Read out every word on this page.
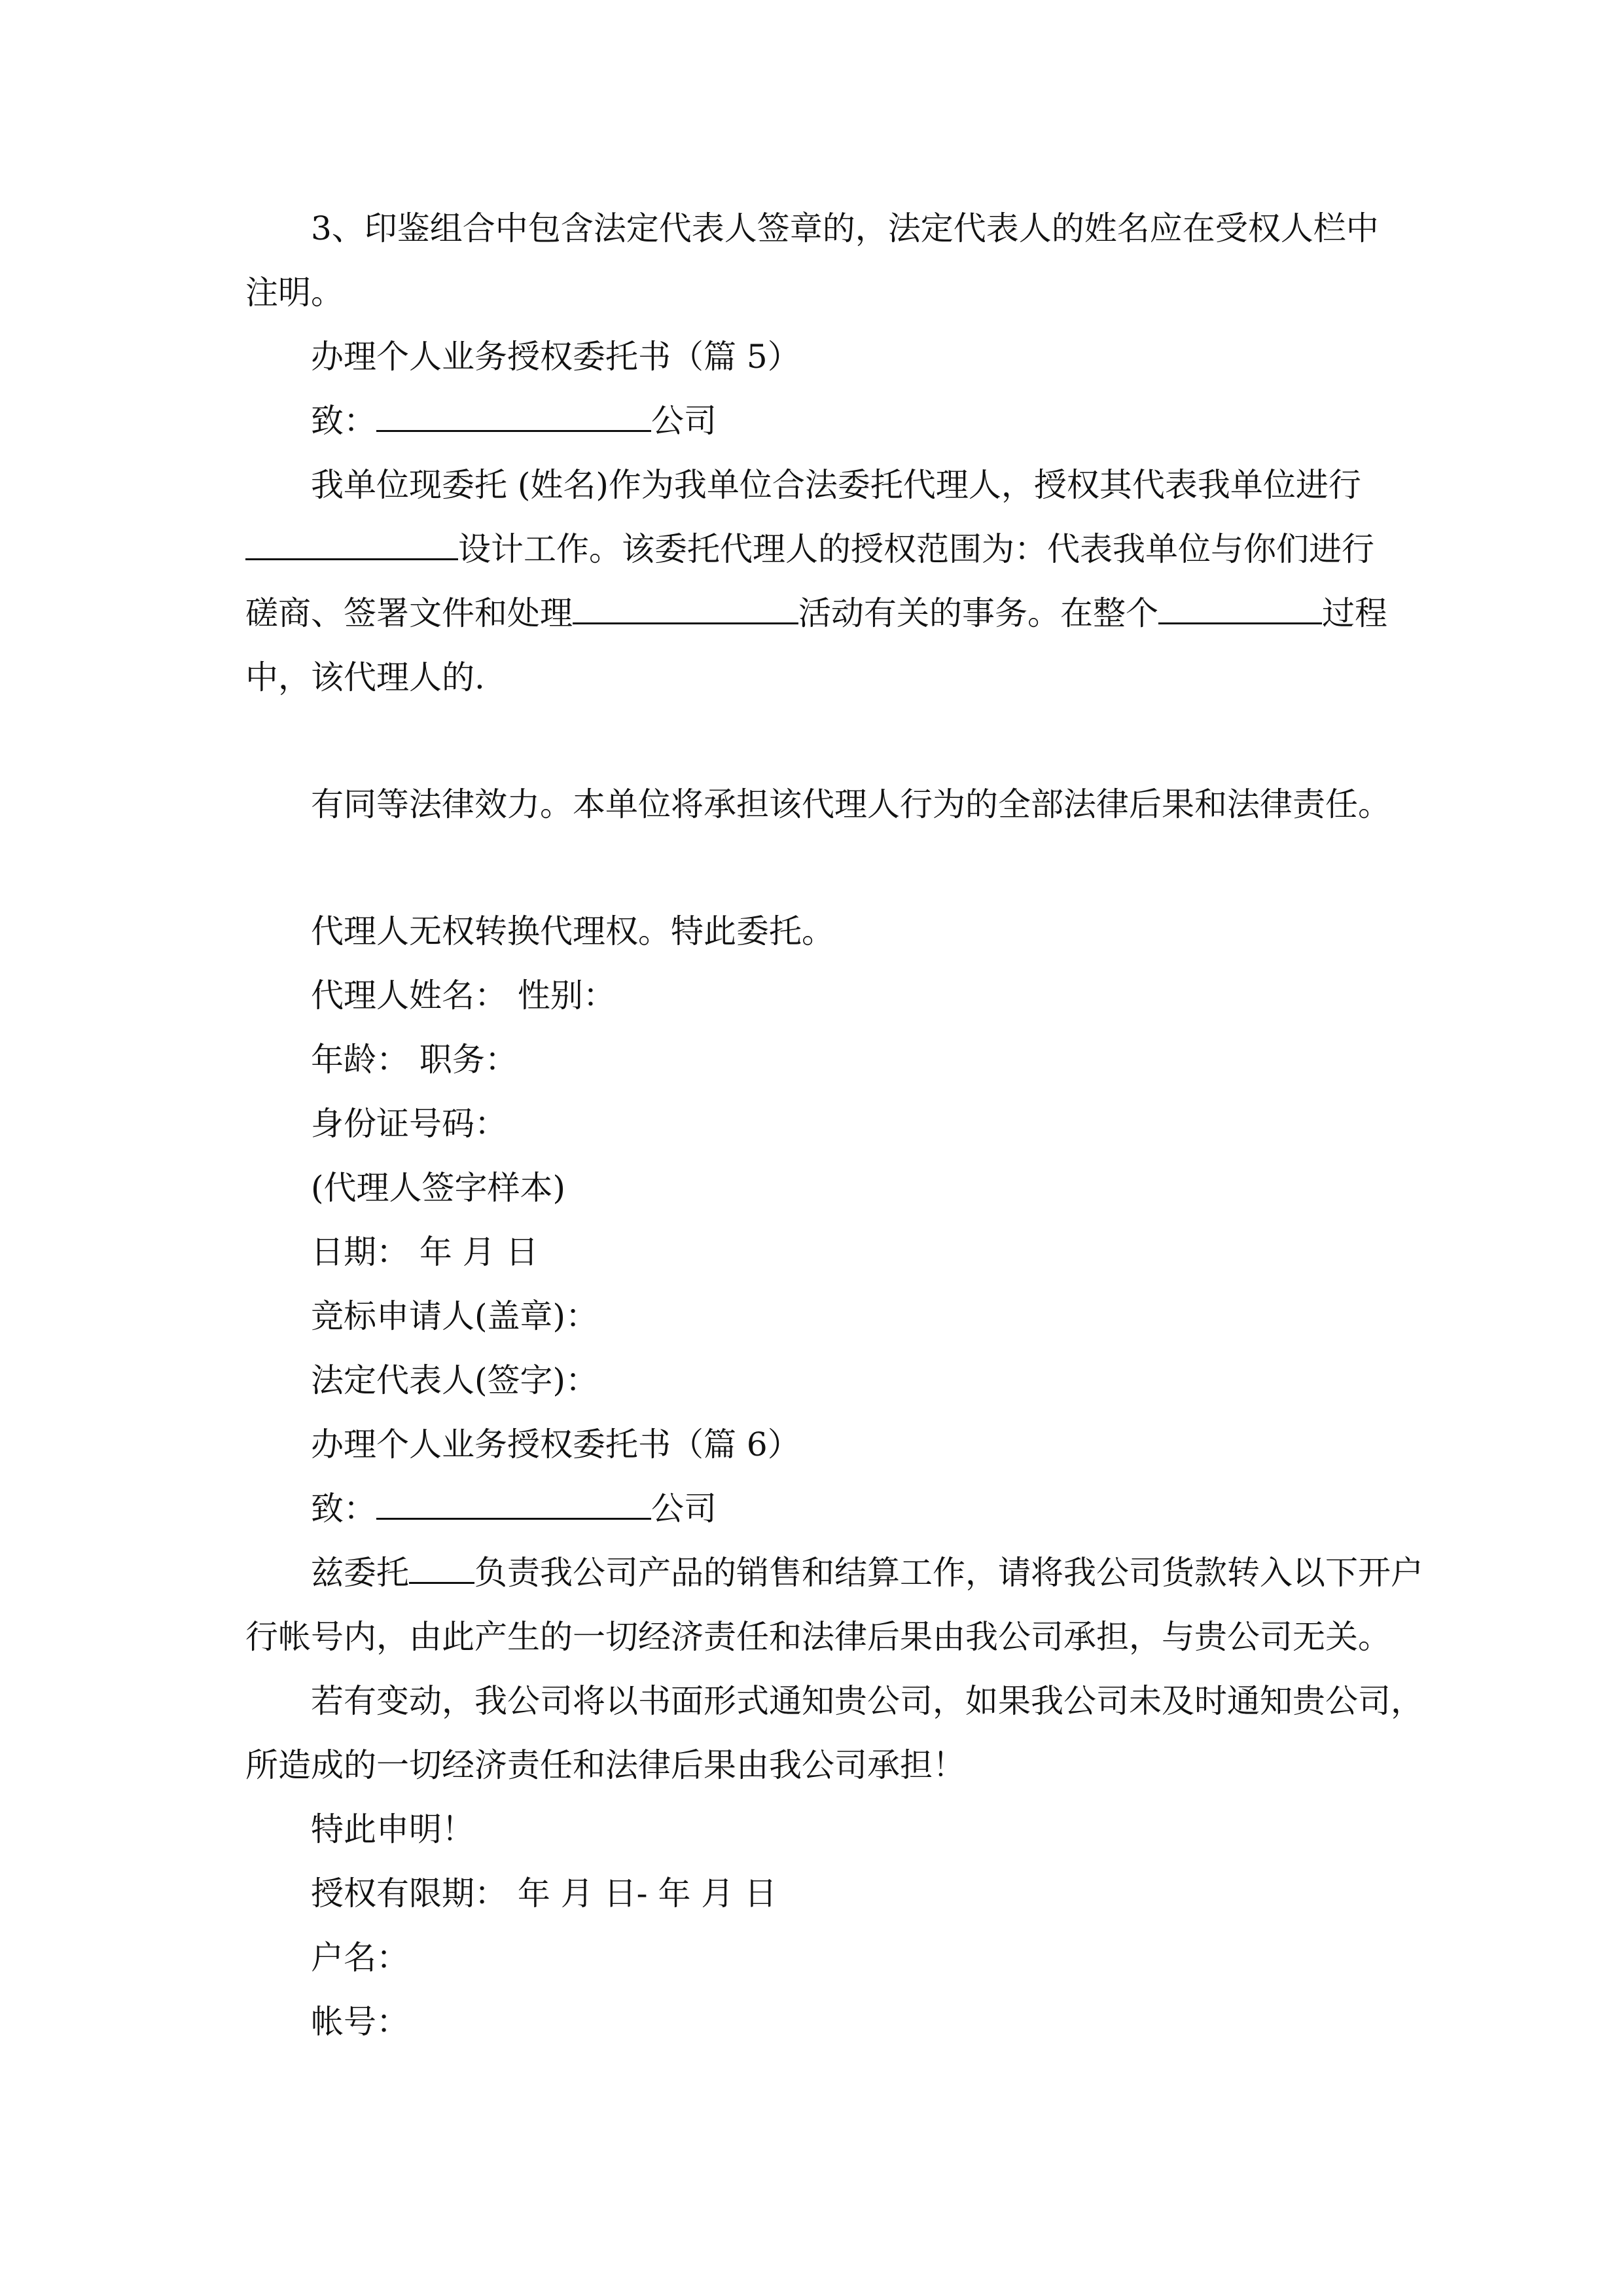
3、印鉴组合中包含法定代表人签章的，法定代表人的姓名应在受权人栏中
注明。
办理个人业务授权委托书（篇 5）
致：	公司
我单位现委托 (姓名)作为我单位合法委托代理人，授权其代表我单位进行
设计工作。该委托代理人的授权范围为：代表我单位与你们进行
磋商、签署文件和处理	活动有关的事务。在整个	过程
中，该代理人的.
有同等法律效力。本单位将承担该代理人行为的全部法律后果和法律责任。
代理人无权转换代理权。特此委托。
代理人姓名： 性别：
年龄： 职务：
身份证号码：
(代理人签字样本)
日期： 年 月 日
竞标申请人(盖章)：
法定代表人(签字)：
办理个人业务授权委托书（篇 6）
致：	公司
兹委托 负责我公司产品的销售和结算工作，请将我公司货款转入以下开户
行帐号内，由此产生的一切经济责任和法律后果由我公司承担，与贵公司无关。
若有变动，我公司将以书面形式通知贵公司，如果我公司未及时通知贵公司，
所造成的一切经济责任和法律后果由我公司承担！
特此申明！
授权有限期： 年 月 日- 年 月 日
户名：
帐号：
